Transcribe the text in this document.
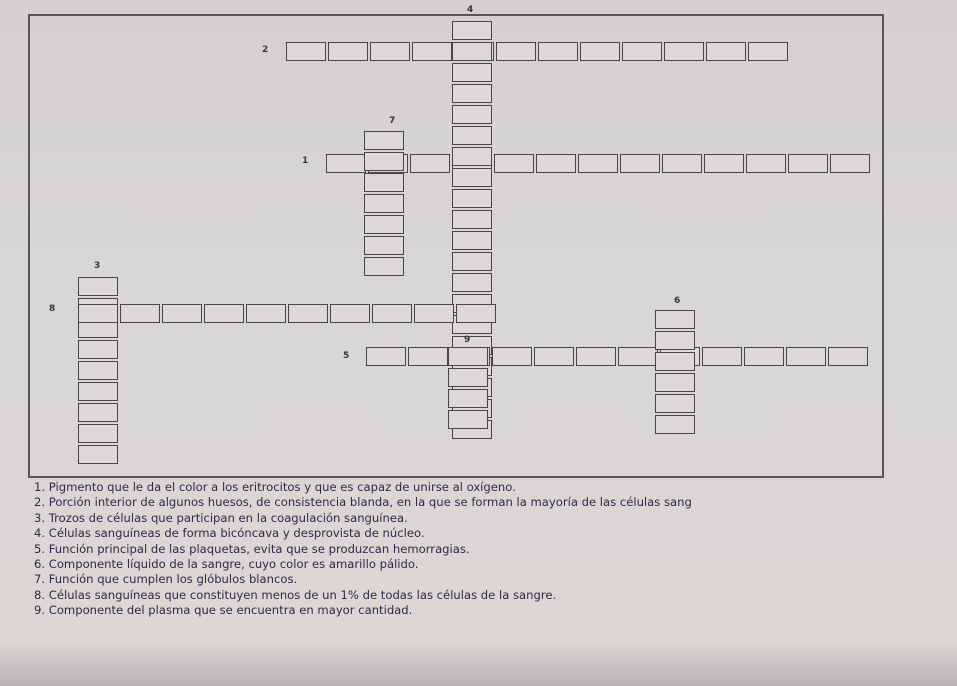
4
2
7
1
3
8
6
9
5
1. Pigmento que le da el color a los eritrocitos y que es capaz de unirse al oxígeno.
2. Porción interior de algunos huesos, de consistencia blanda, en la que se forman la mayoría de las células sang
3. Trozos de células que participan en la coagulación sanguínea.
4. Células sanguíneas de forma bicóncava y desprovista de núcleo.
5. Función principal de las plaquetas, evita que se produzcan hemorragias.
6. Componente líquido de la sangre, cuyo color es amarillo pálido.
7. Función que cumplen los glóbulos blancos.
8. Células sanguíneas que constituyen menos de un 1% de todas las células de la sangre.
9. Componente del plasma que se encuentra en mayor cantidad.
